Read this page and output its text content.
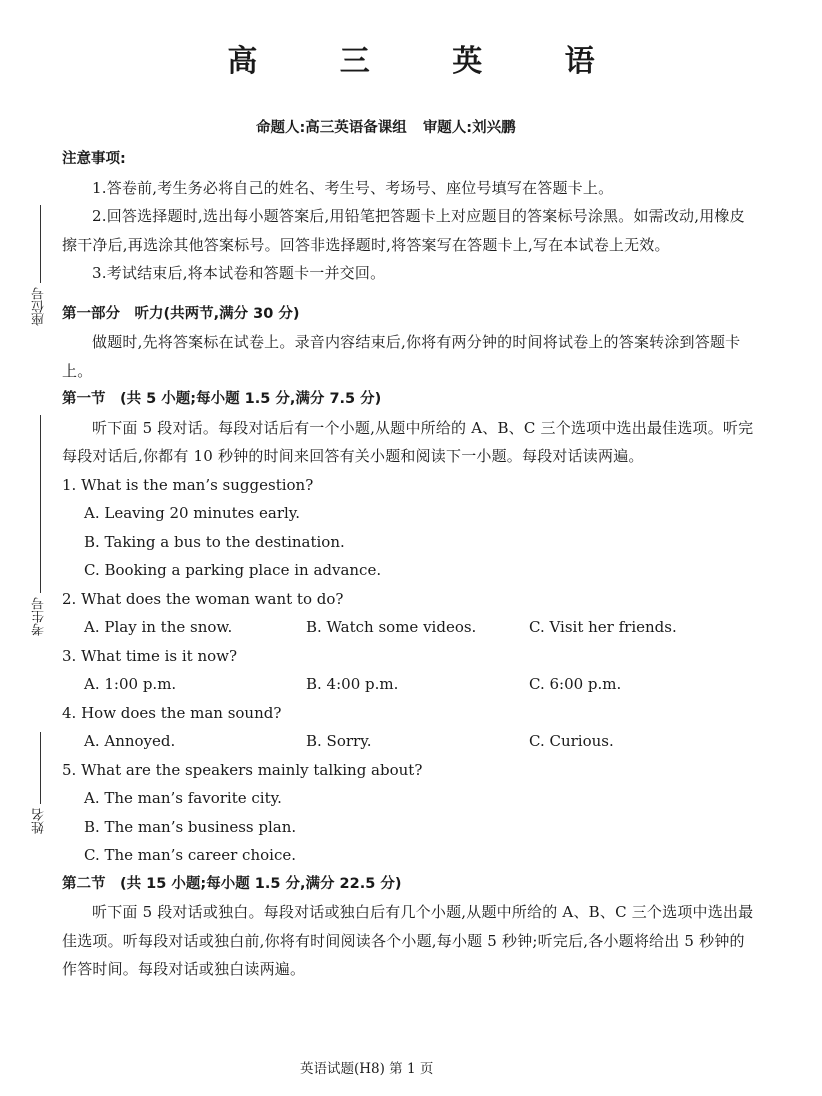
座位号
考生号
姓名
高 三 英 语
命题人:高三英语备课组 审题人:刘兴鹏
注意事项:
1.答卷前,考生务必将自己的姓名、考生号、考场号、座位号填写在答题卡上。
2.回答选择题时,选出每小题答案后,用铅笔把答题卡上对应题目的答案标号涂黑。如需改动,用橡皮擦干净后,再选涂其他答案标号。回答非选择题时,将答案写在答题卡上,写在本试卷上无效。
3.考试结束后,将本试卷和答题卡一并交回。
第一部分　听力(共两节,满分 30 分)
做题时,先将答案标在试卷上。录音内容结束后,你将有两分钟的时间将试卷上的答案转涂到答题卡上。
第一节　(共 5 小题;每小题 1.5 分,满分 7.5 分)
听下面 5 段对话。每段对话后有一个小题,从题中所给的 A、B、C 三个选项中选出最佳选项。听完每段对话后,你都有 10 秒钟的时间来回答有关小题和阅读下一小题。每段对话读两遍。
1. What is the man’s suggestion?
A. Leaving 20 minutes early.
B. Taking a bus to the destination.
C. Booking a parking place in advance.
2. What does the woman want to do?
A. Play in the snow.	B. Watch some videos.	C. Visit her friends.
3. What time is it now?
A. 1:00 p.m.	B. 4:00 p.m.	C. 6:00 p.m.
4. How does the man sound?
A. Annoyed.	B. Sorry.	C. Curious.
5. What are the speakers mainly talking about?
A. The man’s favorite city.
B. The man’s business plan.
C. The man’s career choice.
第二节　(共 15 小题;每小题 1.5 分,满分 22.5 分)
听下面 5 段对话或独白。每段对话或独白后有几个小题,从题中所给的 A、B、C 三个选项中选出最佳选项。听每段对话或独白前,你将有时间阅读各个小题,每小题 5 秒钟;听完后,各小题将给出 5 秒钟的作答时间。每段对话或独白读两遍。
英语试题(H8) 第 1 页
